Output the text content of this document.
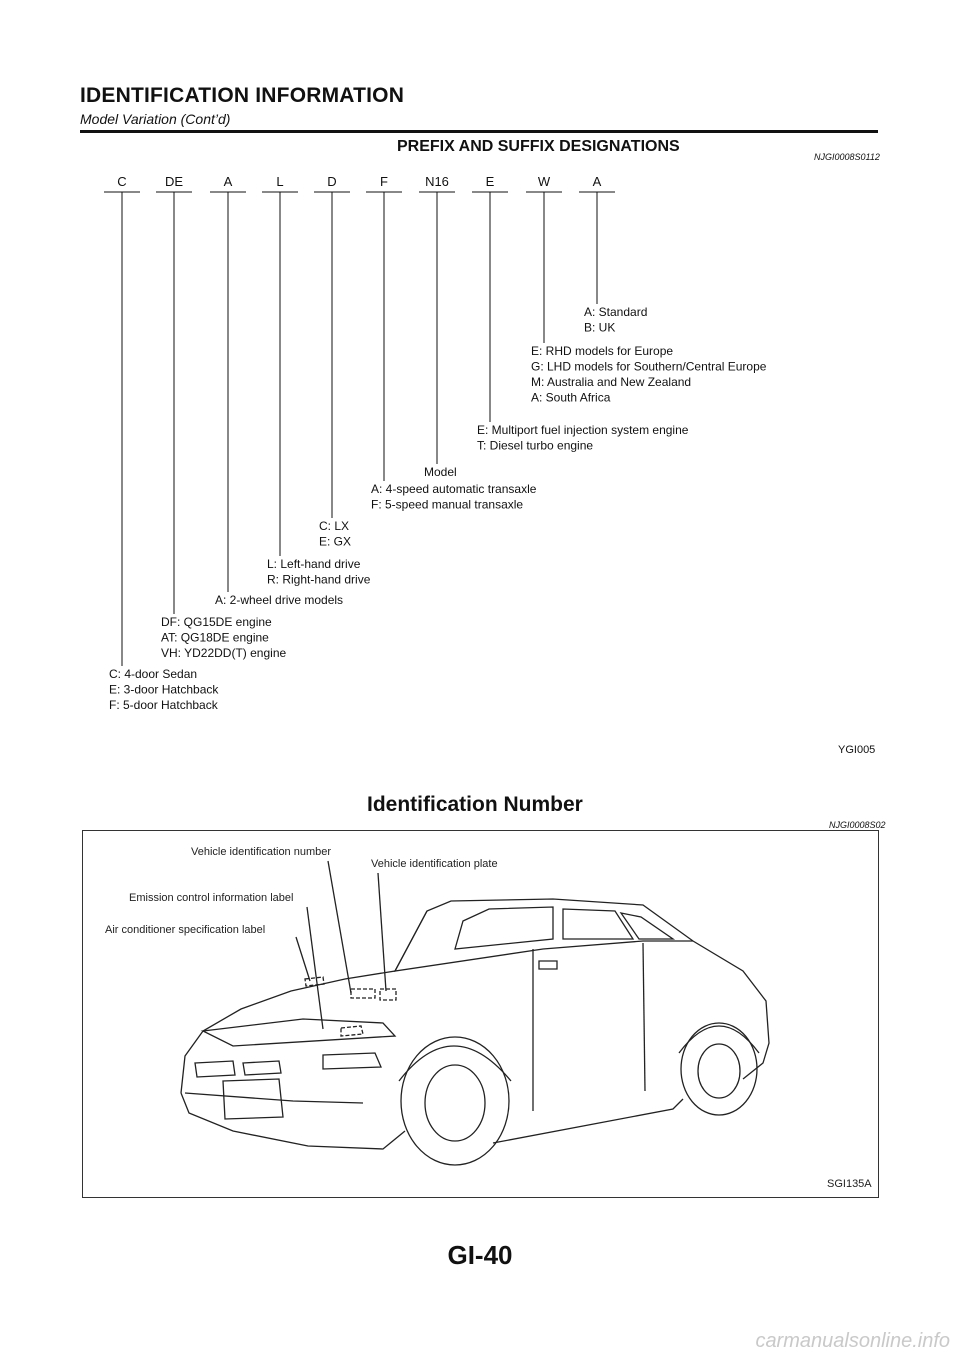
IDENTIFICATION INFORMATION
Model Variation (Cont’d)
PREFIX AND SUFFIX DESIGNATIONS
NJGI0008S0112
C
C: 4-door Sedan
E: 3-door Hatchback
F: 5-door Hatchback
DE
DF: QG15DE engine
AT: QG18DE engine
VH: YD22DD(T) engine
A
A: 2-wheel drive models
L
L: Left-hand drive
R: Right-hand drive
D
C: LX
E: GX
F
A: 4-speed automatic transaxle
F: 5-speed manual transaxle
N16
Model
E
E: Multiport fuel injection system engine
T: Diesel turbo engine
W
E: RHD models for Europe
G: LHD models for Southern/Central Europe
M: Australia and New Zealand
A: South Africa
A
A: Standard
B: UK
YGI005
Identification Number
NJGI0008S02
Vehicle identification number
Vehicle identification plate
Emission control information label
Air conditioner specification label
SGI135A
GI-40
carmanualsonline.info
